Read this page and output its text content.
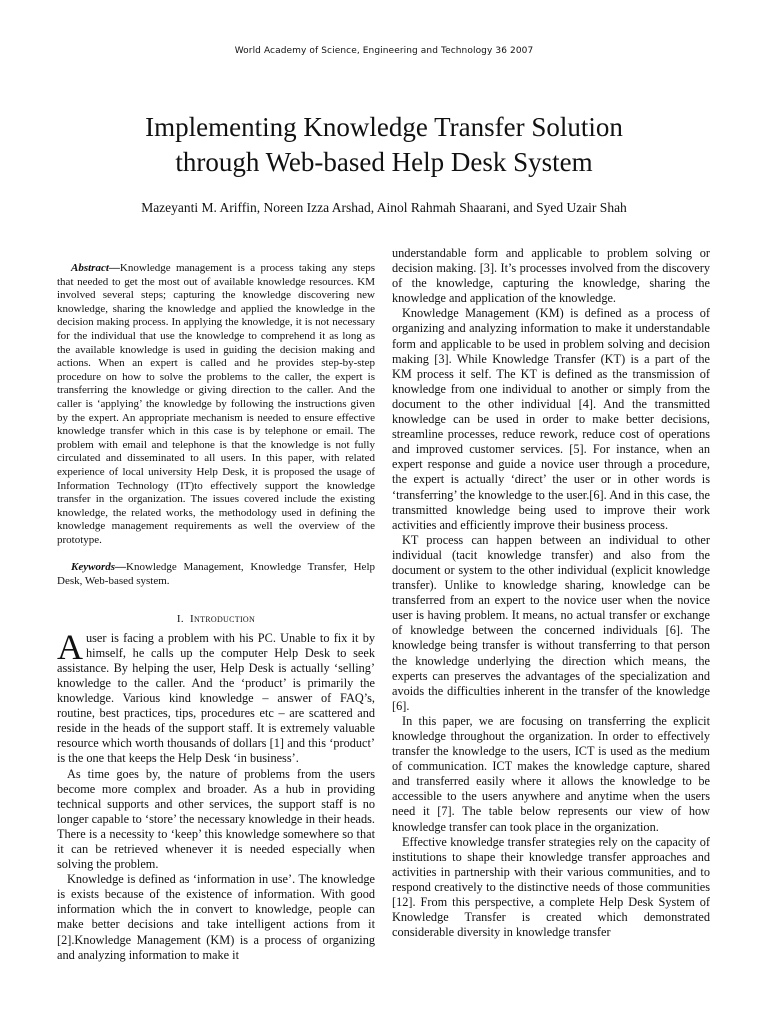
World Academy of Science, Engineering and Technology 36 2007
Implementing Knowledge Transfer Solution
through Web-based Help Desk System
Mazeyanti M. Ariffin, Noreen Izza Arshad, Ainol Rahmah Shaarani, and Syed Uzair Shah

Abstract—Knowledge management is a process taking any steps that needed to get the most out of available knowledge resources. KM involved several steps; capturing the knowledge discovering new knowledge, sharing the knowledge and applied the knowledge in the decision making process. In applying the knowledge, it is not necessary for the individual that use the knowledge to comprehend it as long as the available knowledge is used in guiding the decision making and actions. When an expert is called and he provides step-by-step procedure on how to solve the problems to the caller, the expert is transferring the knowledge or giving direction to the caller. And the caller is ‘applying’ the knowledge by following the instructions given by the expert. An appropriate mechanism is needed to ensure effective knowledge transfer which in this case is by telephone or email. The problem with email and telephone is that the knowledge is not fully circulated and disseminated to all users. In this paper, with related experience of local university Help Desk, it is proposed the usage of Information Technology (IT)to effectively support the knowledge transfer in the organization. The issues covered include the existing knowledge, the related works, the methodology used in defining the knowledge management requirements as well the overview of the prototype.

Keywords—Knowledge Management, Knowledge Transfer, Help Desk, Web-based system.

I. Introduction

Auser is facing a problem with his PC. Unable to fix it by himself, he calls up the computer Help Desk to seek assistance. By helping the user, Help Desk is actually ‘selling’ knowledge to the caller. And the ‘product’ is primarily the knowledge. Various kind knowledge – answer of FAQ’s, routine, best practices, tips, procedures etc – are scattered and reside in the heads of the support staff. It is extremely valuable resource which worth thousands of dollars [1] and this ‘product’ is the one that keeps the Help Desk ‘in business’.

As time goes by, the nature of problems from the users become more complex and broader. As a hub in providing technical supports and other services, the support staff is no longer capable to ‘store’ the necessary knowledge in their heads. There is a necessity to ‘keep’ this knowledge somewhere so that it can be retrieved whenever it is needed especially when solving the problem.

Knowledge is defined as ‘information in use’. The knowledge is exists because of the existence of information. With good information which the in convert to knowledge, people can make better decisions and take intelligent actions from it [2].Knowledge Management (KM) is a process of organizing and analyzing information to make it

understandable form and applicable to problem solving or decision making. [3]. It’s processes involved from the discovery of the knowledge, capturing the knowledge, sharing the knowledge and application of the knowledge.

Knowledge Management (KM) is defined as a process of organizing and analyzing information to make it understandable form and applicable to be used in problem solving and decision making [3]. While Knowledge Transfer (KT) is a part of the KM process it self. The KT is defined as the transmission of knowledge from one individual to another or simply from the document to the other individual [4]. And the transmitted knowledge can be used in order to make better decisions, streamline processes, reduce rework, reduce cost of operations and improved customer services. [5]. For instance, when an expert response and guide a novice user through a procedure, the expert is actually ‘direct’ the user or in other words is ‘transferring’ the knowledge to the user.[6]. And in this case, the transmitted knowledge being used to improve their work activities and efficiently improve their business process.

KT process can happen between an individual to other individual (tacit knowledge transfer) and also from the document or system to the other individual (explicit knowledge transfer). Unlike to knowledge sharing, knowledge can be transferred from an expert to the novice user when the novice user is having problem. It means, no actual transfer or exchange of knowledge between the concerned individuals [6]. The knowledge being transfer is without transferring to that person the knowledge underlying the direction which means, the experts can preserves the advantages of the specialization and avoids the difficulties inherent in the transfer of the knowledge [6].

In this paper, we are focusing on transferring the explicit knowledge throughout the organization. In order to effectively transfer the knowledge to the users, ICT is used as the medium of communication. ICT makes the knowledge capture, shared and transferred easily where it allows the knowledge to be accessible to the users anywhere and anytime when the users need it [7]. The table below represents our view of how knowledge transfer can took place in the organization.

Effective knowledge transfer strategies rely on the capacity of institutions to shape their knowledge transfer approaches and activities in partnership with their various communities, and to respond creatively to the distinctive needs of those communities [12]. From this perspective, a complete Help Desk System of Knowledge Transfer is created which demonstrated considerable diversity in knowledge transfer
